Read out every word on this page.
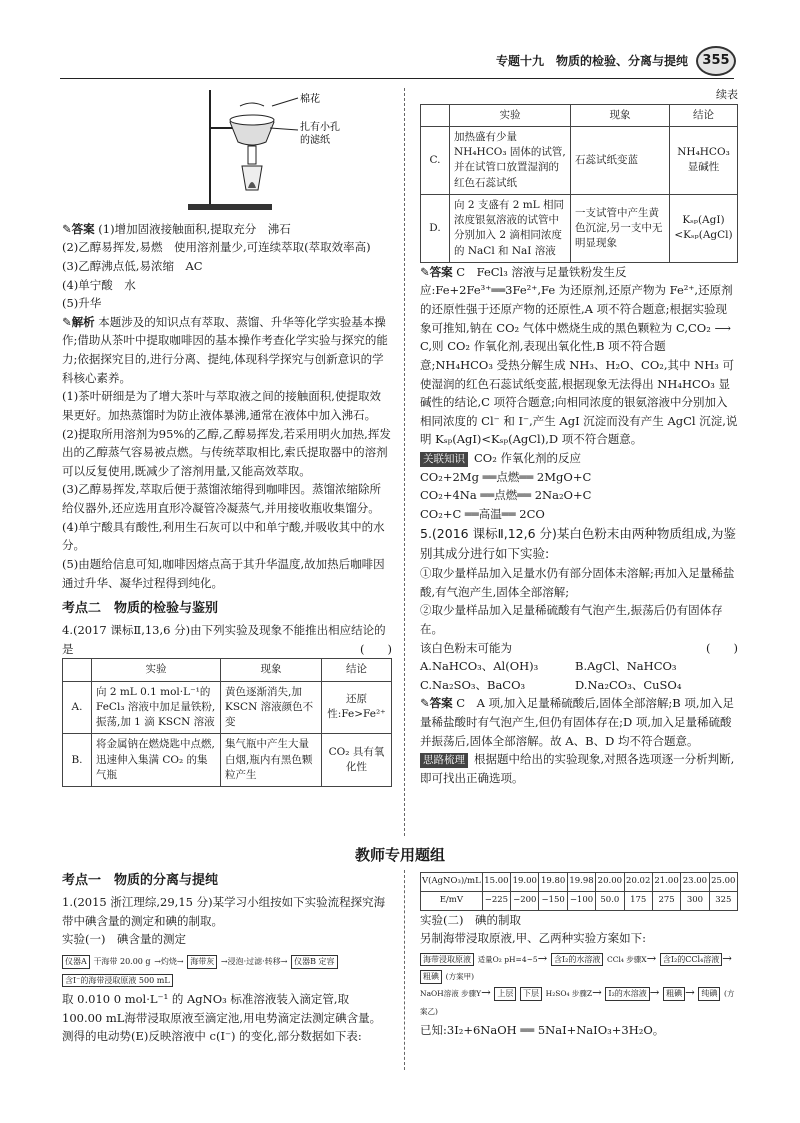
专题十九　物质的检验、分离与提纯	355
棉花
扎有小孔
的滤纸

✎答案 (1)增加固液接触面积,提取充分　沸石

(2)乙醇易挥发,易燃　使用溶剂量少,可连续萃取(萃取效率高)

(3)乙醇沸点低,易浓缩　AC

(4)单宁酸　水

(5)升华

✎解析 本题涉及的知识点有萃取、蒸馏、升华等化学实验基本操作;借助从茶叶中提取咖啡因的基本操作考查化学实验与探究的能力;依据探究目的,进行分离、提纯,体现科学探究与创新意识的学科核心素养。

(1)茶叶研细是为了增大茶叶与萃取液之间的接触面积,使提取效果更好。加热蒸馏时为防止液体暴沸,通常在液体中加入沸石。

(2)提取所用溶剂为95%的乙醇,乙醇易挥发,若采用明火加热,挥发出的乙醇蒸气容易被点燃。与传统萃取相比,索氏提取器中的溶剂可以反复使用,既减少了溶剂用量,又能高效萃取。

(3)乙醇易挥发,萃取后便于蒸馏浓缩得到咖啡因。蒸馏浓缩除所给仪器外,还应选用直形冷凝管冷凝蒸气,并用接收瓶收集馏分。

(4)单宁酸具有酸性,利用生石灰可以中和单宁酸,并吸收其中的水分。

(5)由题给信息可知,咖啡因熔点高于其升华温度,故加热后咖啡因通过升华、凝华过程得到纯化。

考点二　物质的检验与鉴别

4.(2017 课标Ⅱ,13,6 分)由下列实验及现象不能推出相应结论的是	(　　)

	实验	现象	结论
A.	向 2 mL 0.1 mol·L⁻¹的 FeCl₃ 溶液中加足量铁粉,振荡,加 1 滴 KSCN 溶液	黄色逐渐消失,加 KSCN 溶液颜色不变	还原性:Fe>Fe²⁺
B.	将金属钠在燃烧匙中点燃,迅速伸入集满 CO₂ 的集气瓶	集气瓶中产生大量白烟,瓶内有黑色颗粒产生	CO₂ 具有氧化性
续表
	实验	现象	结论
C.	加热盛有少量 NH₄HCO₃ 固体的试管,并在试管口放置湿润的红色石蕊试纸	石蕊试纸变蓝	NH₄HCO₃ 显碱性
D.	向 2 支盛有 2 mL 相同浓度银氨溶液的试管中分别加入 2 滴相同浓度的 NaCl 和 NaI 溶液	一支试管中产生黄色沉淀,另一支中无明显现象	Kₛₚ(AgI)<Kₛₚ(AgCl)

✎答案 C　FeCl₃ 溶液与足量铁粉发生反应:Fe+2Fe³⁺══3Fe²⁺,Fe 为还原剂,还原产物为 Fe²⁺,还原剂的还原性强于还原产物的还原性,A 项不符合题意;根据实验现象可推知,钠在 CO₂ 气体中燃烧生成的黑色颗粒为 C,CO₂ ⟶ C,则 CO₂ 作氧化剂,表现出氧化性,B 项不符合题意;NH₄HCO₃ 受热分解生成 NH₃、H₂O、CO₂,其中 NH₃ 可使湿润的红色石蕊试纸变蓝,根据现象无法得出 NH₄HCO₃ 显碱性的结论,C 项符合题意;向相同浓度的银氨溶液中分别加入相同浓度的 Cl⁻ 和 I⁻,产生 AgI 沉淀而没有产生 AgCl 沉淀,说明 Kₛₚ(AgI)<Kₛₚ(AgCl),D 项不符合题意。

关联知识 CO₂ 作氧化剂的反应

CO₂+2Mg ══点燃══ 2MgO+C

CO₂+4Na ══点燃══ 2Na₂O+C

CO₂+C ══高温══ 2CO

5.(2016 课标Ⅱ,12,6 分)某白色粉末由两种物质组成,为鉴别其成分进行如下实验:

①取少量样品加入足量水仍有部分固体未溶解;再加入足量稀盐酸,有气泡产生,固体全部溶解;

②取少量样品加入足量稀硫酸有气泡产生,振荡后仍有固体存在。

该白色粉末可能为	(　　)

A.NaHCO₃、Al(OH)₃	B.AgCl、NaHCO₃

C.Na₂SO₃、BaCO₃	D.Na₂CO₃、CuSO₄

✎答案 C　A 项,加入足量稀硫酸后,固体全部溶解;B 项,加入足量稀盐酸时有气泡产生,但仍有固体存在;D 项,加入足量稀硫酸并振荡后,固体全部溶解。故 A、B、D 均不符合题意。

思路梳理 根据题中给出的实验现象,对照各选项逐一分析判断,即可找出正确选项。

教师专用题组
考点一　物质的分离与提纯

1.(2015 浙江理综,29,15 分)某学习小组按如下实验流程探究海带中碘含量的测定和碘的制取。

实验(一)　碘含量的测定

仪器A 干海带 20.00 g →灼烧→ 海带灰 →浸泡·过滤·转移→ 仪器B 定容 含I⁻的海带浸取原液 500 mL

取 0.010 0 mol·L⁻¹ 的 AgNO₃ 标准溶液装入滴定管,取 100.00 mL海带浸取原液至滴定池,用电势滴定法测定碘含量。测得的电动势(E)反映溶液中 c(I⁻) 的变化,部分数据如下表:

V(AgNO₃)/mL	15.00	19.00	19.80	19.98	20.00	20.02	21.00	23.00	25.00
E/mV	−225	−200	−150	−100	50.0	175	275	300	325

实验(二)　碘的制取

另制海带浸取原液,甲、乙两种实验方案如下:

海带浸取原液 适量O₂ pH=4~5→ 含I₂的水溶液 CCl₄ 步骤X→ 含I₂的CCl₄溶液 → 粗碘 (方案甲)
NaOH溶液 步骤Y→ 上层 下层 H₂SO₄ 步骤Z→ I₂的水溶液 → 粗碘 → 纯碘 (方案乙)

已知:3I₂+6NaOH ══ 5NaI+NaIO₃+3H₂O。
